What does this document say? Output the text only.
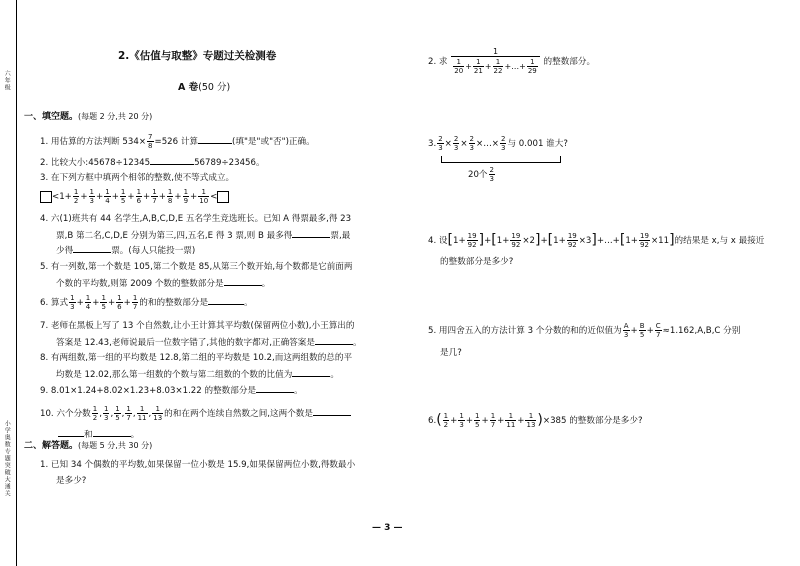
六年级
小学奥数专题突破大通关
2.《估值与取整》专题过关检测卷
A 卷(50 分)
一、填空题。(每题 2 分,共 20 分)
1. 用估算的方法判断 $534\times \frac{7}{8} =526$ 计算	(填"是"或"否")正确。
2. 比较大小:45678÷12345	56789÷23456。
3. 在下列方框中填两个相邻的整数,使不等式成立。
$<1+ \frac{1}{2} + \frac{1}{3} + \frac{1}{4} + \frac{1}{5} + \frac{1}{6} + \frac{1}{7} + \frac{1}{8} + \frac{1}{9} + \frac{1}{10}$ <
4. 六(1)班共有 44 名学生,A,B,C,D,E 五名学生竞选班长。已知 A 得票最多,得 23
票,B 第二名,C,D,E 分别为第三,四,五名,E 得 3 票,则 B 最多得	票,最
少得	票。(每人只能投一票)
5. 有一列数,第一个数是 105,第二个数是 85,从第三个数开始,每个数都是它前面两
个数的平均数,则第 2009 个数的整数部分是	。
6. 算式 $\frac{1}{3} + \frac{1}{4} + \frac{1}{5} + \frac{1}{6} + \frac{1}{7}$ 的和的整数部分是	。
7. 老师在黑板上写了 13 个自然数,让小王计算其平均数(保留两位小数),小王算出的
答案是 12.43,老师说最后一位数字错了,其他的数字都对,正确答案是	。
8. 有两组数,第一组的平均数是 12.8,第二组的平均数是 10.2,而这两组数的总的平
均数是 12.02,那么第一组数的个数与第二组数的个数的比值为	。
9. 8.01×1.24+8.02×1.23+8.03×1.22 的整数部分是	。
10. 六个分数 $\frac{1}{2}$ , $\frac{1}{3}$ , $\frac{1}{5}$ , $\frac{1}{7}$ , $\frac{1}{11}$ , $\frac{1}{13}$ 的和在两个连续自然数之间,这两个数是
和	。
二、解答题。(每题 5 分,共 30 分)
1. 已知 34 个偶数的平均数,如果保留一位小数是 15.9,如果保留两位小数,得数最小
是多少?
2. 求 $\frac{1}{\frac{1}{20} + \frac{1}{21} + \frac{1}{22} +\dots+ \frac{1}{29}}$ 的整数部分。
3. $\frac{2}{3} \times \frac{2}{3} \times \frac{2}{3}$ ×…× $\frac{2}{3}$ 与 0.001 谁大?
20个 $\frac{2}{3}$
4. 设$[1+ \frac{19}{92} ]+[1+ \frac{19}{92} \times 2]+[1+ \frac{19}{92}$ ×3]+…+[1+ $\frac{19}{92} \times 11$]的结果是 x,与 x 最接近
的整数部分是多少?
5. 用四舍五入的方法计算 3 个分数的和的近似值为 $\frac{A}{3} + \frac{B}{5} + \frac{C}{7} \approx 1.162,A,B,C$ 分别
是几?
$6.( \frac{1}{2} + \frac{1}{3} + \frac{1}{5} + \frac{1}{7} + \frac{1}{11} + \frac{1}{13} )\times 385$ 的整数部分是多少?
— 3 —
